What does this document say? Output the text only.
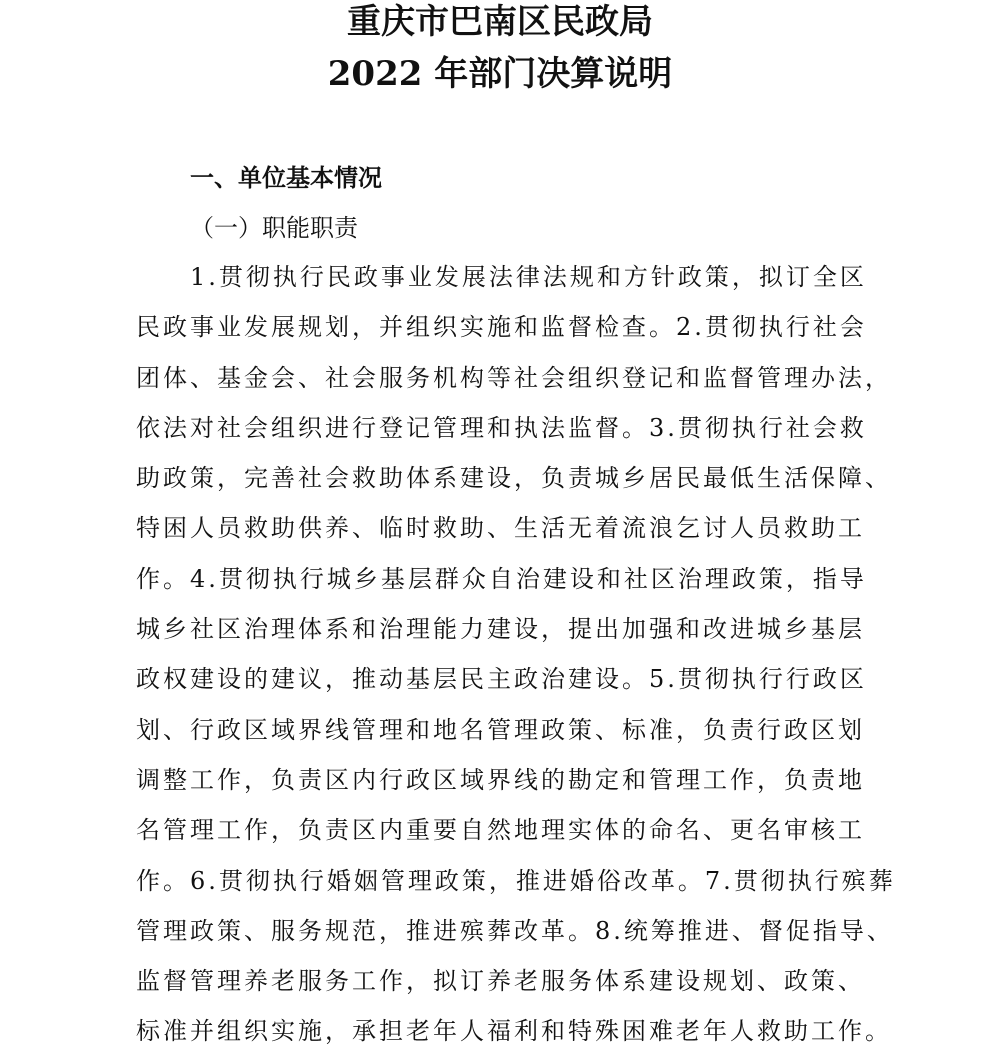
重庆市巴南区民政局
2022 年部门决算说明
一、单位基本情况
（一）职能职责
1.贯彻执行民政事业发展法律法规和方针政策，拟订全区
民政事业发展规划，并组织实施和监督检查。2.贯彻执行社会
团体、基金会、社会服务机构等社会组织登记和监督管理办法，
依法对社会组织进行登记管理和执法监督。3.贯彻执行社会救
助政策，完善社会救助体系建设，负责城乡居民最低生活保障、
特困人员救助供养、临时救助、生活无着流浪乞讨人员救助工
作。4.贯彻执行城乡基层群众自治建设和社区治理政策，指导
城乡社区治理体系和治理能力建设，提出加强和改进城乡基层
政权建设的建议，推动基层民主政治建设。5.贯彻执行行政区
划、行政区域界线管理和地名管理政策、标准，负责行政区划
调整工作，负责区内行政区域界线的勘定和管理工作，负责地
名管理工作，负责区内重要自然地理实体的命名、更名审核工
作。6.贯彻执行婚姻管理政策，推进婚俗改革。7.贯彻执行殡葬
管理政策、服务规范，推进殡葬改革。8.统筹推进、督促指导、
监督管理养老服务工作，拟订养老服务体系建设规划、政策、
标准并组织实施，承担老年人福利和特殊困难老年人救助工作。
